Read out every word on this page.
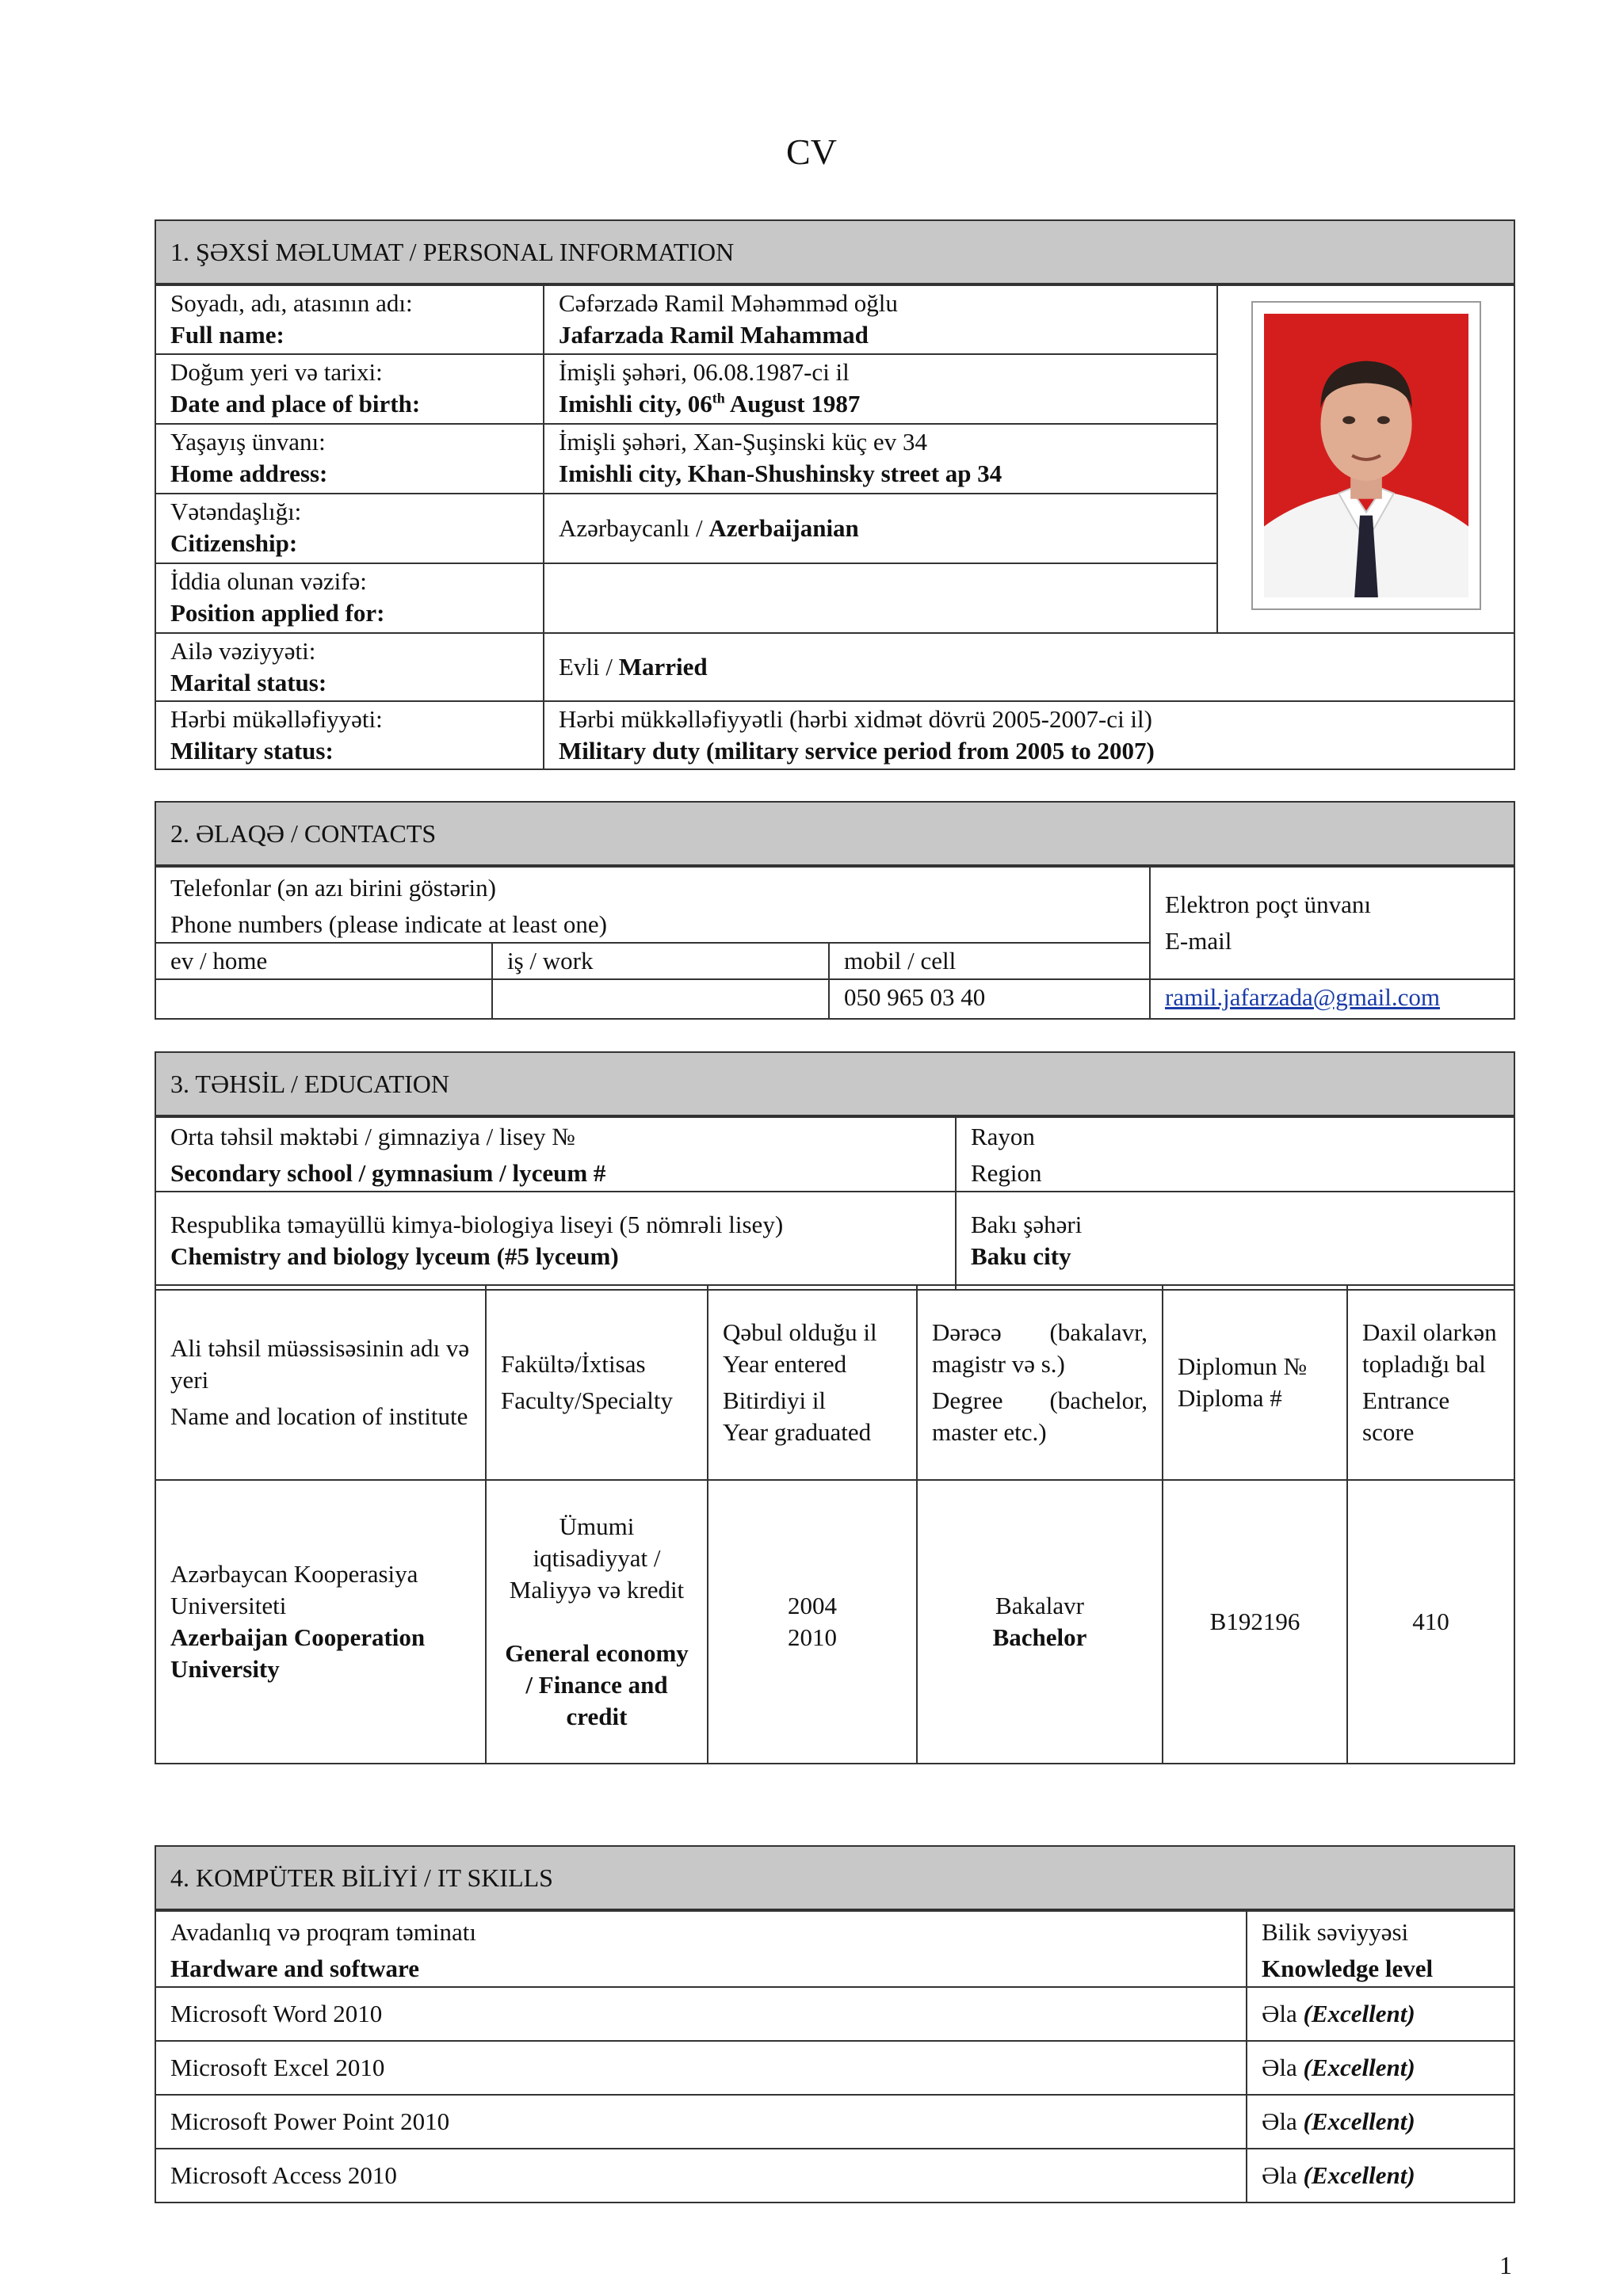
CV
1. ŞƏXSİ MƏLUMAT / PERSONAL INFORMATION		

Soyadı, adı, atasının adı:
Full name:	Cəfərzadə Ramil Məhəmməd oğlu
Jafarzada Ramil Mahammad

Doğum yeri və tarixi:
Date and place of birth:	İmişli şəhəri, 06.08.1987-ci il
Imishli city, 06th August 1987	

Yaşayış ünvanı:
Home address:	İmişli şəhəri, Xan-Şuşinski küç ev 34
Imishli city, Khan-Shushinsky street ap 34	

Vətəndaşlığı:
Citizenship:	Azərbaycanlı / Azerbaijanian	

İddia olunan vəzifə:
Position applied for:		

Ailə vəziyyəti:
Marital status:	Evli / Married	

Hərbi mükəlləfiyyəti:
Military status:	Hərbi mükkəlləfiyyətli (hərbi xidmət dövrü 2005-2007-ci il)
Military duty (military service period from 2005 to 2007)	
2. ƏLAQƏ / CONTACTS			

Telefonlar (ən azı birini göstərin)
Phone numbers (please indicate at least one)			Elektron poçt ünvanı
E-mail

ev / home	iş / work	mobil / cell	
		050 965 03 40	ramil.jafarzada@gmail.com
3. TƏHSİL / EDUCATION	

Orta təhsil məktəbi / gimnaziya / lisey №
Secondary school / gymnasium / lyceum #	Rayon
Region

Respublika təmayüllü kimya-biologiya liseyi (5 nömrəli lisey)
Chemistry and biology lyceum (#5 lyceum)	Bakı şəhəri
Baku city
Ali təhsil müəssisəsinin adı və yeri
Name and location of institute	Fakültə/İxtisas
Faculty/Specialty	Qəbul olduğu il
Year entered
Bitirdiyi il
Year graduated	Dərəcə (bakalavr, magistr və s.)
Degree (bachelor, master etc.)	Diplomun №
Diploma #	Daxil olarkən topladığı bal
Entrance score

Azərbaycan Kooperasiya Universiteti
Azerbaijan Cooperation University	Ümumi iqtisadiyyat / Maliyyə və kredit
General economy / Finance and credit	2004
2010	Bakalavr
Bachelor	B192196	410
4. KOMPÜTER BİLİYİ / IT SKILLS	

Avadanlıq və proqram təminatı
Hardware and software	Bilik səviyyəsi
Knowledge level

Microsoft Word 2010	Əla (Excellent)
Microsoft Excel 2010	Əla (Excellent)
Microsoft Power Point 2010	Əla (Excellent)
Microsoft Access 2010	Əla (Excellent)
1
